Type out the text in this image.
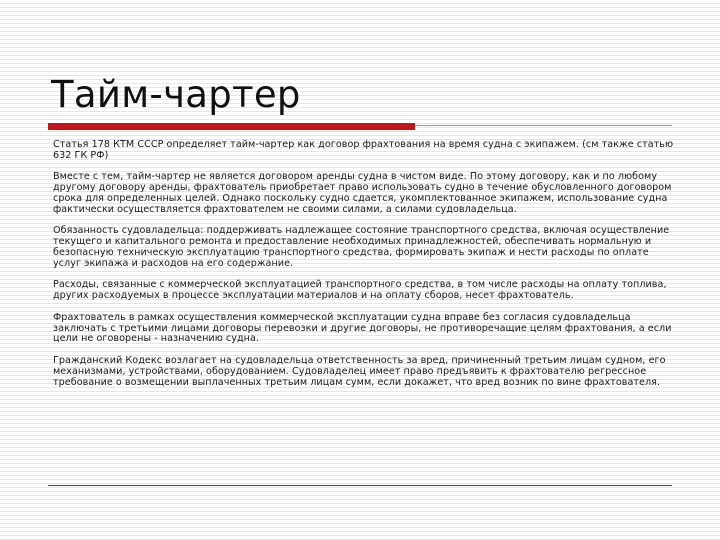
Тайм-чартер

Статья 178 КТМ СССР определяет тайм-чартер как договор фрахтования на время судна с экипажем. (см также статью 632 ГК РФ)

Вместе с тем, тайм-чартер не является договором аренды судна в чистом виде. По этому договору, как и по любому другому договору аренды, фрахтователь приобретает право использовать судно в течение обусловленного договором срока для определенных целей. Однако поскольку судно сдается, укомплектованное экипажем, использование судна фактически осуществляется фрахтователем не своими силами, а силами судовладельца.

Обязанность судовладельца: поддерживать надлежащее состояние транспортного средства, включая осуществление текущего и капитального ремонта и предоставление необходимых принадлежностей, обеспечивать нормальную и безопасную техническую эксплуатацию транспортного средства, формировать экипаж и нести расходы по оплате услуг экипажа и расходов на его содержание.

Расходы, связанные с коммерческой эксплуатацией транспортного средства, в том числе расходы на оплату топлива, других расходуемых в процессе эксплуатации материалов и на оплату сборов, несет фрахтователь.

Фрахтователь в рамках осуществления коммерческой эксплуатации судна вправе без согласия судовладельца заключать с третьими лицами договоры перевозки и другие договоры, не противоречащие целям фрахтования, а если цели не оговорены - назначению судна.

Гражданский Кодекс возлагает на судовладельца ответственность за вред, причиненный третьим лицам судном, его механизмами, устройствами, оборудованием. Судовладелец имеет право предъявить к фрахтователю регрессное требование о возмещении выплаченных третьим лицам сумм, если докажет, что вред возник по вине фрахтователя.
